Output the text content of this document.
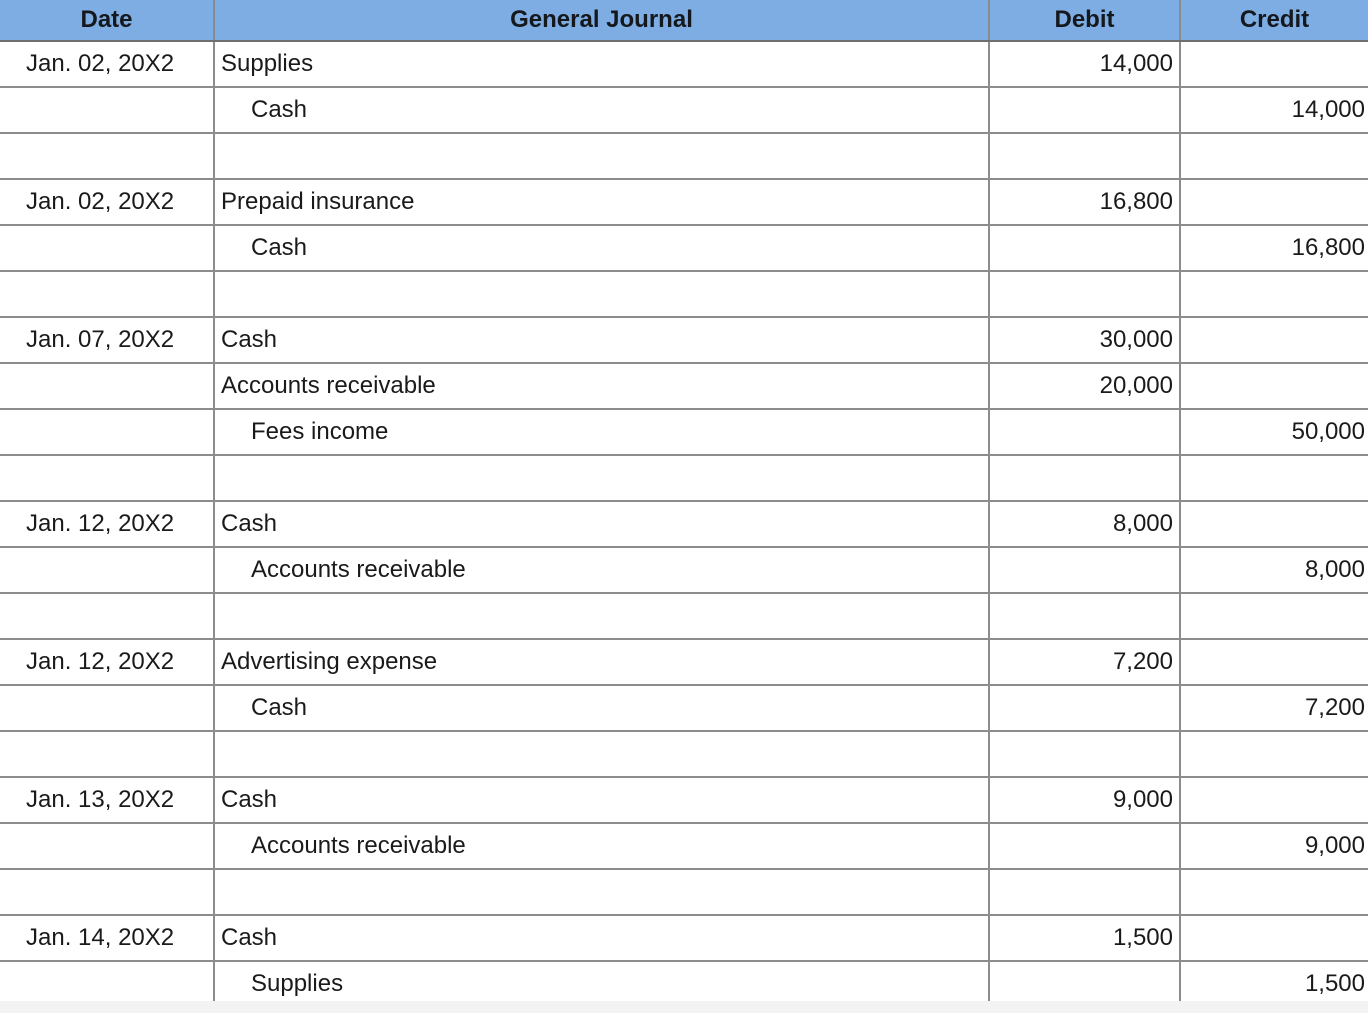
Date	General Journal	Debit	Credit
Jan. 02, 20X2	Supplies	14,000	
	Cash		14,000

Jan. 02, 20X2	Prepaid insurance	16,800	
	Cash		16,800

Jan. 07, 20X2	Cash	30,000	
	Accounts receivable	20,000	
	Fees income		50,000

Jan. 12, 20X2	Cash	8,000	
	Accounts receivable		8,000

Jan. 12, 20X2	Advertising expense	7,200	
	Cash		7,200

Jan. 13, 20X2	Cash	9,000	
	Accounts receivable		9,000

Jan. 14, 20X2	Cash	1,500	
	Supplies		1,500
